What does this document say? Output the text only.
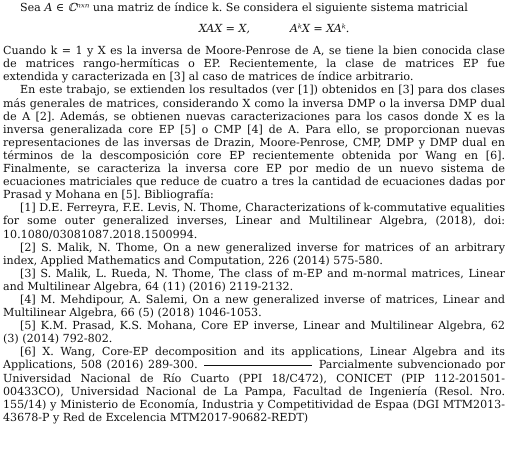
Sea A ∈ ℂⁿˣⁿ una matriz de índice k. Se considera el siguiente sistema matricial

XAX = X,	AᵏX = XAᵏ.

Cuando k = 1 y X es la inversa de Moore-Penrose de A, se tiene la bien conocida clase de matrices rango-hermíticas o EP. Recientemente, la clase de matrices EP fue extendida y caracterizada en [3] al caso de matrices de índice arbitrario.

En este trabajo, se extienden los resultados (ver [1]) obtenidos en [3] para dos clases más generales de matrices, considerando X como la inversa DMP o la inversa DMP dual de A [2]. Además, se obtienen nuevas caracterizaciones para los casos donde X es la inversa generalizada core EP [5] o CMP [4] de A. Para ello, se proporcionan nuevas representaciones de las inversas de Drazin, Moore-Penrose, CMP, DMP y DMP dual en términos de la descomposición core EP recientemente obtenida por Wang en [6]. Finalmente, se caracteriza la inversa core EP por medio de un nuevo sistema de ecuaciones matriciales que reduce de cuatro a tres la cantidad de ecuaciones dadas por Prasad y Mohana en [5]. Bibliografía:

[1] D.E. Ferreyra, F.E. Levis, N. Thome, Characterizations of k-commutative equalities for some outer generalized inverses, Linear and Multilinear Algebra, (2018), doi: 10.1080/03081087.2018.1500994.

[2] S. Malik, N. Thome, On a new generalized inverse for matrices of an arbitrary index, Applied Mathematics and Computation, 226 (2014) 575-580.

[3] S. Malik, L. Rueda, N. Thome, The class of m-EP and m-normal matrices, Linear and Multilinear Algebra, 64 (11) (2016) 2119-2132.

[4] M. Mehdipour, A. Salemi, On a new generalized inverse of matrices, Linear and Multilinear Algebra, 66 (5) (2018) 1046-1053.

[5] K.M. Prasad, K.S. Mohana, Core EP inverse, Linear and Multilinear Algebra, 62 (3) (2014) 792-802.

[6] X. Wang, Core-EP decomposition and its applications, Linear Algebra and its Applications, 508 (2016) 289-300.	Parcialmente subvencionado por Universidad Nacional de Río Cuarto (PPI 18/C472), CONICET (PIP 112-201501-00433CO), Universidad Nacional de La Pampa, Facultad de Ingeniería (Resol. Nro. 155/14) y Ministerio de Economía, Industria y Competitividad de Espaa (DGI MTM2013-43678-P y Red de Excelencia MTM2017-90682-REDT)
